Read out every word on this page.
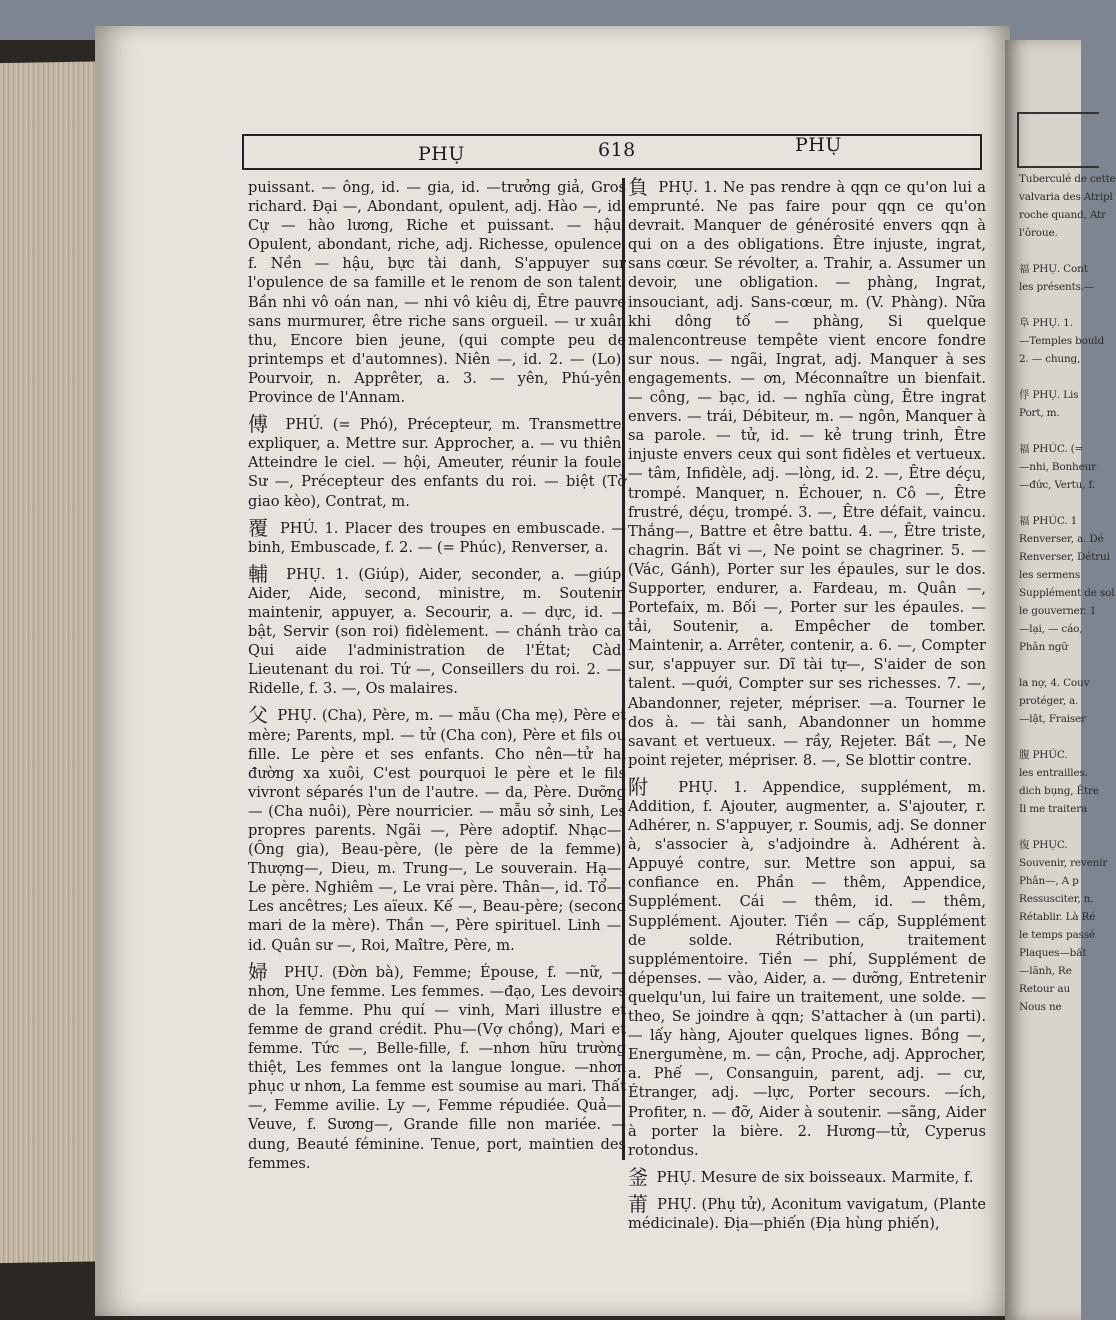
Tuberculé de cette
valvaria des Atripl
roche quand, Atr
l'ôroue.

福 PHỤ. Cont
les présents.—

阜 PHỤ. 1.
—Temples bould
2. — chung,

俘 PHỤ. Lis
Port, m.

福 PHÚC. (=
—nhi, Bonheur
—đức, Vertu, f.

福 PHÚC. 1
Renverser, a. Dé
Renverser, Détrui
les sermens
Supplément de sol
le gouverner. 1
—lại, — cáo,
Phân ngữ

la nợ, 4. Couv
protéger, a.
—lật, Fraiser

腹 PHÚC.
les entrailles.
dich bụng, Être
Il me traitera

復 PHỤC.
Souvenir, revenir
Phân—, A p
Ressusciter, n.
Rétablir. Là Ré
le temps passé
Plaques—bất
—lãnh, Re
Retour au
Nous ne
PHỤ	618	PHỤ

puissant. — ông, id. — gia, id. —trưởng giả, Gros richard. Đại —, Abondant, opulent, adj. Hào —, id. Cự — hào lương, Riche et puissant. — hậu, Opulent, abondant, riche, adj. Richesse, opulence, f. Nền — hậu, bực tài danh, S'appuyer sur l'opulence de sa famille et le renom de son talent. Bần nhi vô oán nan, — nhi vô kiêu dị, Être pauvre sans murmurer, être riche sans orgueil. — ư xuân thu, Encore bien jeune, (qui compte peu de printemps et d'automnes). Niên —, id. 2. — (Lo), Pourvoir, n. Apprêter, a. 3. — yên, Phú-yên, Province de l'Annam.

傅 PHÚ. (= Phó), Précepteur, m. Transmettre, expliquer, a. Mettre sur. Approcher, a. — vu thiên, Atteindre le ciel. — hội, Ameuter, réunir la foule. Sư —, Précepteur des enfants du roi. — biệt (Tờ giao kèo), Contrat, m.

覆 PHÚ. 1. Placer des troupes en embuscade. —binh, Embuscade, f. 2. — (= Phúc), Renverser, a.

輔 PHỤ. 1. (Giúp), Aider, seconder, a. —giúp, Aider, Aide, second, ministre, m. Soutenir, maintenir, appuyer, a. Secourir, a. — dực, id. — bật, Servir (son roi) fidèlement. — chánh trào ca, Qui aide l'administration de l'État; Càd. Lieutenant du roi. Tứ —, Conseillers du roi. 2. —, Ridelle, f. 3. —, Os malaires.

父 PHỤ. (Cha), Père, m. — mẫu (Cha mẹ), Père et mère; Parents, mpl. — tử (Cha con), Père et fils ou fille. Le père et ses enfants. Cho nên—tử hai đường xa xuôi, C'est pourquoi le père et le fils vivront séparés l'un de l'autre. — da, Père. Dưỡng — (Cha nuôi), Père nourricier. — mẫu sở sinh, Les propres parents. Ngãi —, Père adoptif. Nhạc—, (Ông gia), Beau-père, (le père de la femme). Thượng—, Dieu, m. Trung—, Le souverain. Hạ—, Le père. Nghiêm —, Le vrai père. Thân—, id. Tổ—, Les ancêtres; Les aïeux. Kế —, Beau-père; (second mari de la mère). Thần —, Père spirituel. Linh —, id. Quân sư —, Roi, Maître, Père, m.

婦 PHỤ. (Đờn bà), Femme; Épouse, f. —nữ, —nhơn, Une femme. Les femmes. —đạo, Les devoirs de la femme. Phu quí — vinh, Mari illustre et femme de grand crédit. Phu—(Vợ chồng), Mari et femme. Tức —, Belle-fille, f. —nhơn hữu trường thiệt, Les femmes ont la langue longue. —nhơn phục ư nhơn, La femme est soumise au mari. Thất —, Femme avilie. Ly —, Femme répudiée. Quả—, Veuve, f. Sương—, Grande fille non mariée. — dung, Beauté féminine. Tenue, port, maintien des femmes.

負 PHỤ. 1. Ne pas rendre à qqn ce qu'on lui a emprunté. Ne pas faire pour qqn ce qu'on devrait. Manquer de générosité envers qqn à qui on a des obligations. Être injuste, ingrat, sans cœur. Se révolter, a. Trahir, a. Assumer un devoir, une obligation. — phàng, Ingrat, insouciant, adj. Sans-cœur, m. (V. Phàng). Nữa khi dông tố — phàng, Si quelque malencontreuse tempête vient encore fondre sur nous. — ngãi, Ingrat, adj. Manquer à ses engagements. — ơn, Méconnaître un bienfait. — công, — bạc, id. — nghĩa cùng, Être ingrat envers. — trái, Débiteur, m. — ngôn, Manquer à sa parole. — tử, id. — kẻ trung trinh, Être injuste envers ceux qui sont fidèles et vertueux. — tâm, Infidèle, adj. —lòng, id. 2. —, Être déçu, trompé. Manquer, n. Échouer, n. Cô —, Être frustré, déçu, trompé. 3. —, Être défait, vaincu. Thắng—, Battre et être battu. 4. —, Être triste, chagrin. Bất vi —, Ne point se chagriner. 5. — (Vác, Gánh), Porter sur les épaules, sur le dos. Supporter, endurer, a. Fardeau, m. Quân —, Portefaix, m. Bối —, Porter sur les épaules. — tải, Soutenir, a. Empêcher de tomber. Maintenir, a. Arrêter, contenir, a. 6. —, Compter sur, s'appuyer sur. Dĩ tài tự—, S'aider de son talent. —quới, Compter sur ses richesses. 7. —, Abandonner, rejeter, mépriser. —a. Tourner le dos à. — tài sanh, Abandonner un homme savant et vertueux. — rầy, Rejeter. Bất —, Ne point rejeter, mépriser. 8. —, Se blottir contre.

附 PHỤ. 1. Appendice, supplément, m. Addition, f. Ajouter, augmenter, a. S'ajouter, r. Adhérer, n. S'appuyer, r. Soumis, adj. Se donner à, s'associer à, s'adjoindre à. Adhérent à. Appuyé contre, sur. Mettre son appui, sa confiance en. Phần — thêm, Appendice, Supplément. Cái — thêm, id. — thêm, Supplément. Ajouter. Tiền — cấp, Supplément de solde. Rétribution, traitement supplémentoire. Tiền — phí, Supplément de dépenses. — vào, Aider, a. — dưỡng, Entretenir quelqu'un, lui faire un traitement, une solde. — theo, Se joindre à qqn; S'attacher à (un parti). — lấy hàng, Ajouter quelques lignes. Bồng —, Energumène, m. — cận, Proche, adj. Approcher, a. Phế —, Consanguin, parent, adj. — cư, Étranger, adj. —lực, Porter secours. —ích, Profiter, n. — đỡ, Aider à soutenir. —sãng, Aider à porter la bière. 2. Hương—tử, Cyperus rotondus.

釜 PHỤ. Mesure de six boisseaux. Marmite, f.

莆 PHỤ. (Phụ tử), Aconitum vavigatum, (Plante médicinale). Địa—phiến (Địa hùng phiến),
